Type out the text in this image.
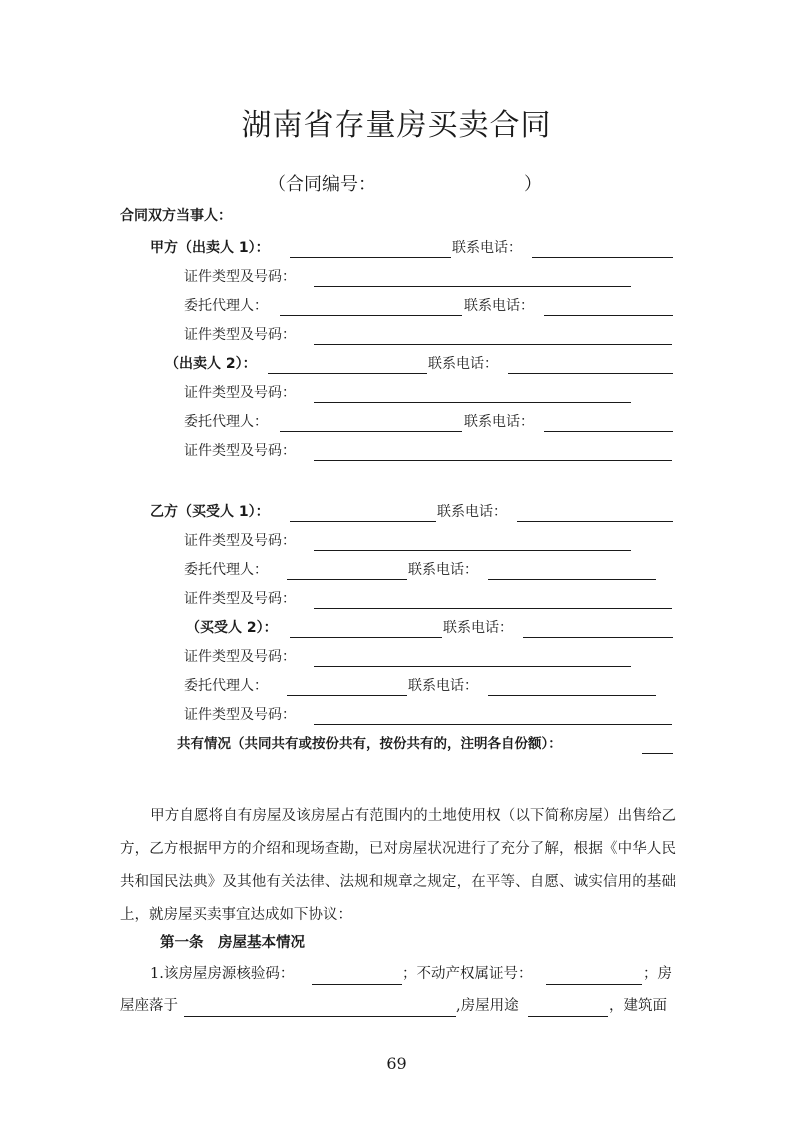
湖南省存量房买卖合同
（合同编号：	）
合同双方当事人：
甲方（出卖人 1）：	联系电话：
证件类型及号码：
委托代理人：	联系电话：
证件类型及号码：
（出卖人 2）：	联系电话：
证件类型及号码：
委托代理人：	联系电话：
证件类型及号码：
乙方（买受人 1）：	联系电话：
证件类型及号码：
委托代理人：	联系电话：
证件类型及号码：
（买受人 2）：	联系电话：
证件类型及号码：
委托代理人：	联系电话：
证件类型及号码：
共有情况（共同共有或按份共有，按份共有的，注明各自份额）：
甲方自愿将自有房屋及该房屋占有范围内的土地使用权（以下简称房屋）出售给乙方，乙方根据甲方的介绍和现场查勘，已对房屋状况进行了充分了解，根据《中华人民共和国民法典》及其他有关法律、法规和规章之规定，在平等、自愿、诚实信用的基础上，就房屋买卖事宜达成如下协议：
第一条　房屋基本情况
1.该房屋房源核验码：	；不动产权属证号：	；房
屋座落于	,房屋用途	，建筑面
69
